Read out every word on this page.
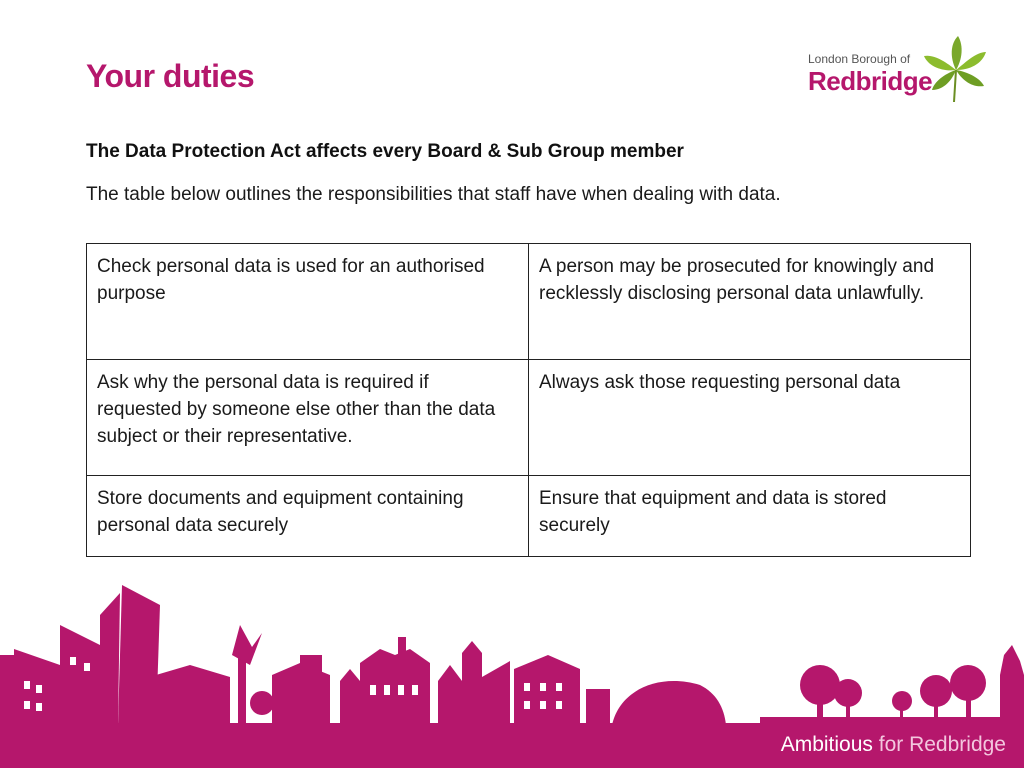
Your duties	London Borough of
Redbridge
The Data Protection Act affects every Board & Sub Group member
The table below outlines the responsibilities that staff have when dealing with data.
Check personal data is used for an authorised purpose	A person may be prosecuted for knowingly and recklessly disclosing personal data unlawfully.
Ask why the personal data is required if requested by someone else other than the data subject or their representative.	Always ask those requesting personal data
Store documents and equipment containing personal data securely	Ensure that equipment and data is stored securely
Ambitious for Redbridge
